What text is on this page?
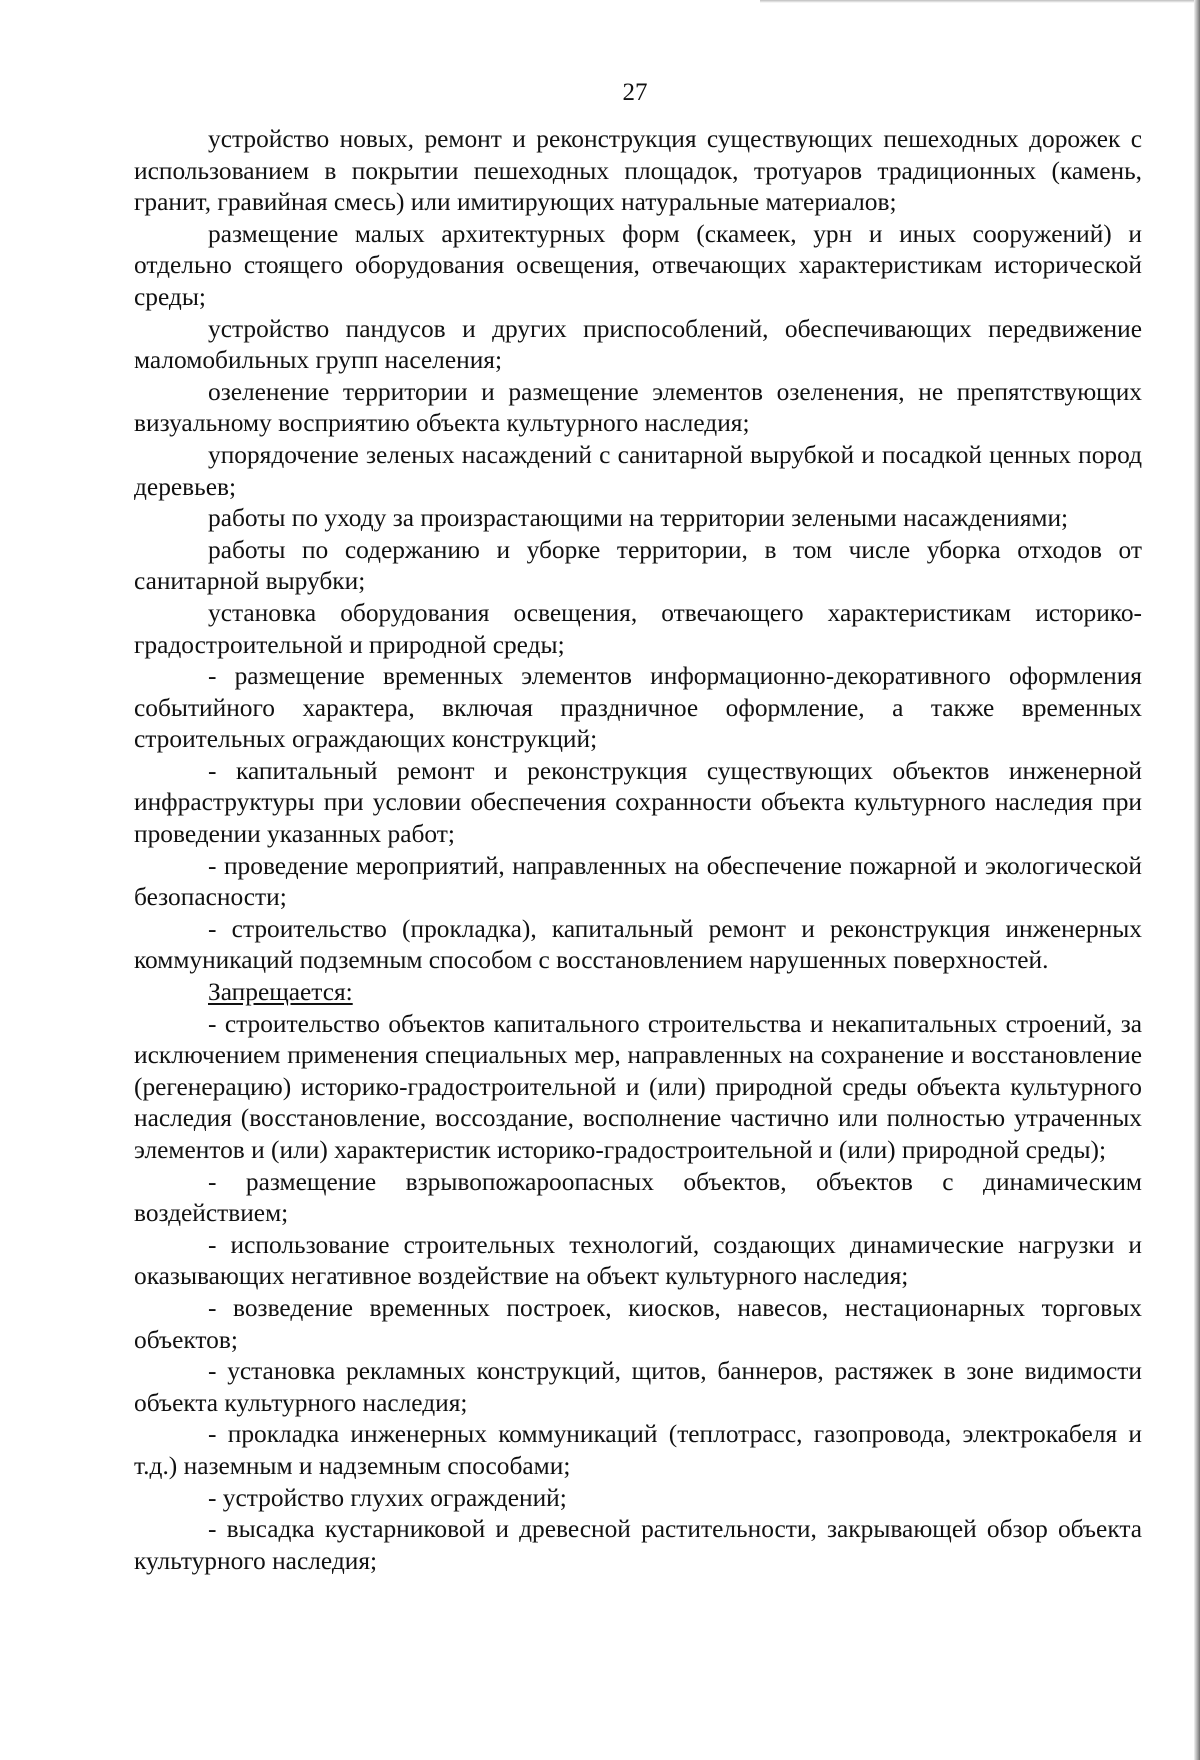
27

устройство новых, ремонт и реконструкция существующих пешеходных дорожек с использованием в покрытии пешеходных площадок, тротуаров традиционных (камень, гранит, гравийная смесь) или имитирующих натуральные материалов;

размещение малых архитектурных форм (скамеек, урн и иных сооружений) и отдельно стоящего оборудования освещения, отвечающих характеристикам исторической среды;

устройство пандусов и других приспособлений, обеспечивающих передвижение маломобильных групп населения;

озеленение территории и размещение элементов озеленения, не препятствующих визуальному восприятию объекта культурного наследия;

упорядочение зеленых насаждений с санитарной вырубкой и посадкой ценных пород деревьев;

работы по уходу за произрастающими на территории зелеными насаждениями;

работы по содержанию и уборке территории, в том числе уборка отходов от санитарной вырубки;

установка оборудования освещения, отвечающего характеристикам историко-градостроительной и природной среды;

- размещение временных элементов информационно-декоративного оформления событийного характера, включая праздничное оформление, а также временных строительных ограждающих конструкций;

- капитальный ремонт и реконструкция существующих объектов инженерной инфраструктуры при условии обеспечения сохранности объекта культурного наследия при проведении указанных работ;

- проведение мероприятий, направленных на обеспечение пожарной и экологической безопасности;

- строительство (прокладка), капитальный ремонт и реконструкция инженерных коммуникаций подземным способом с восстановлением нарушенных поверхностей.

Запрещается:

- строительство объектов капитального строительства и некапитальных строений, за исключением применения специальных мер, направленных на сохранение и восстановление (регенерацию) историко-градостроительной и (или) природной среды объекта культурного наследия (восстановление, воссоздание, восполнение частично или полностью утраченных элементов и (или) характеристик историко-градостроительной и (или) природной среды);

- размещение взрывопожароопасных объектов, объектов с динамическим воздействием;

- использование строительных технологий, создающих динамические нагрузки и оказывающих негативное воздействие на объект культурного наследия;

- возведение временных построек, киосков, навесов, нестационарных торговых объектов;

- установка рекламных конструкций, щитов, баннеров, растяжек в зоне видимости объекта культурного наследия;

- прокладка инженерных коммуникаций (теплотрасс, газопровода, электрокабеля и т.д.) наземным и надземным способами;

- устройство глухих ограждений;

- высадка кустарниковой и древесной растительности, закрывающей обзор объекта культурного наследия;
